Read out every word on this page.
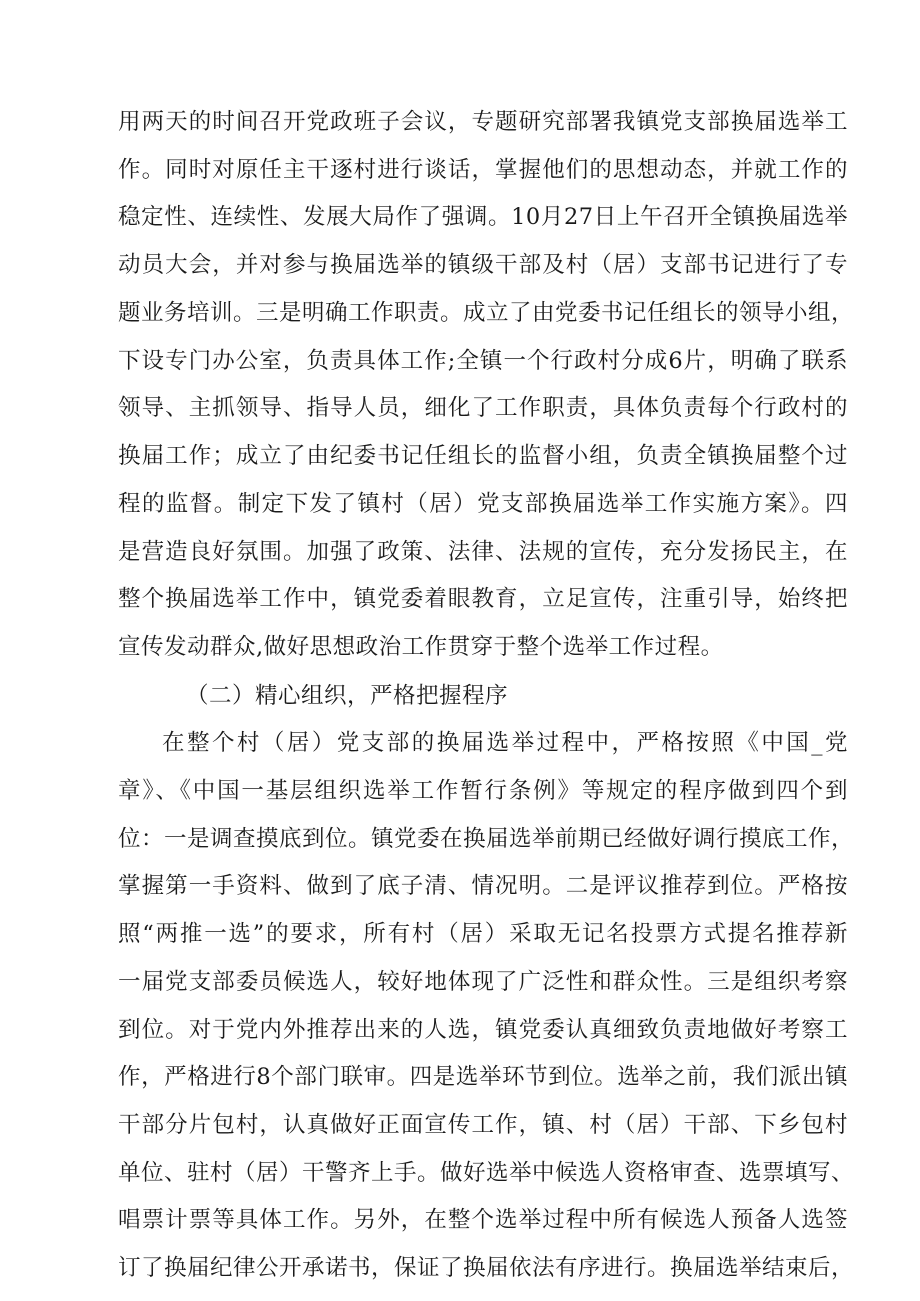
用两天的时间召开党政班子会议，专题研究部署我镇党支部换届选举工
作。同时对原任主干逐村进行谈话，掌握他们的思想动态，并就工作的
稳定性、连续性、发展大局作了强调。10月27日上午召开全镇换届选举
动员大会，并对参与换届选举的镇级干部及村（居）支部书记进行了专
题业务培训。三是明确工作职责。成立了由党委书记任组长的领导小组，
下设专门办公室，负责具体工作;全镇一个行政村分成6片，明确了联系
领导、主抓领导、指导人员，细化了工作职责，具体负责每个行政村的
换届工作；成立了由纪委书记任组长的监督小组，负责全镇换届整个过
程的监督。制定下发了镇村（居）党支部换届选举工作实施方案》。四
是营造良好氛围。加强了政策、法律、法规的宣传，充分发扬民主，在
整个换届选举工作中，镇党委着眼教育，立足宣传，注重引导，始终把
宣传发动群众,做好思想政治工作贯穿于整个选举工作过程。
（二）精心组织，严格把握程序
在整个村（居）党支部的换届选举过程中，严格按照《中国_党
章》、《中国一基层组织选举工作暂行条例》等规定的程序做到四个到
位：一是调查摸底到位。镇党委在换届选举前期已经做好调行摸底工作，
掌握第一手资料、做到了底子清、情况明。二是评议推荐到位。严格按
照“两推一选”的要求，所有村（居）采取无记名投票方式提名推荐新
一届党支部委员候选人，较好地体现了广泛性和群众性。三是组织考察
到位。对于党内外推荐出来的人选，镇党委认真细致负责地做好考察工
作，严格进行8个部门联审。四是选举环节到位。选举之前，我们派出镇
干部分片包村，认真做好正面宣传工作，镇、村（居）干部、下乡包村
单位、驻村（居）干警齐上手。做好选举中候选人资格审查、选票填写、
唱票计票等具体工作。另外，在整个选举过程中所有候选人预备人选签
订了换届纪律公开承诺书，保证了换届依法有序进行。换届选举结束后，
